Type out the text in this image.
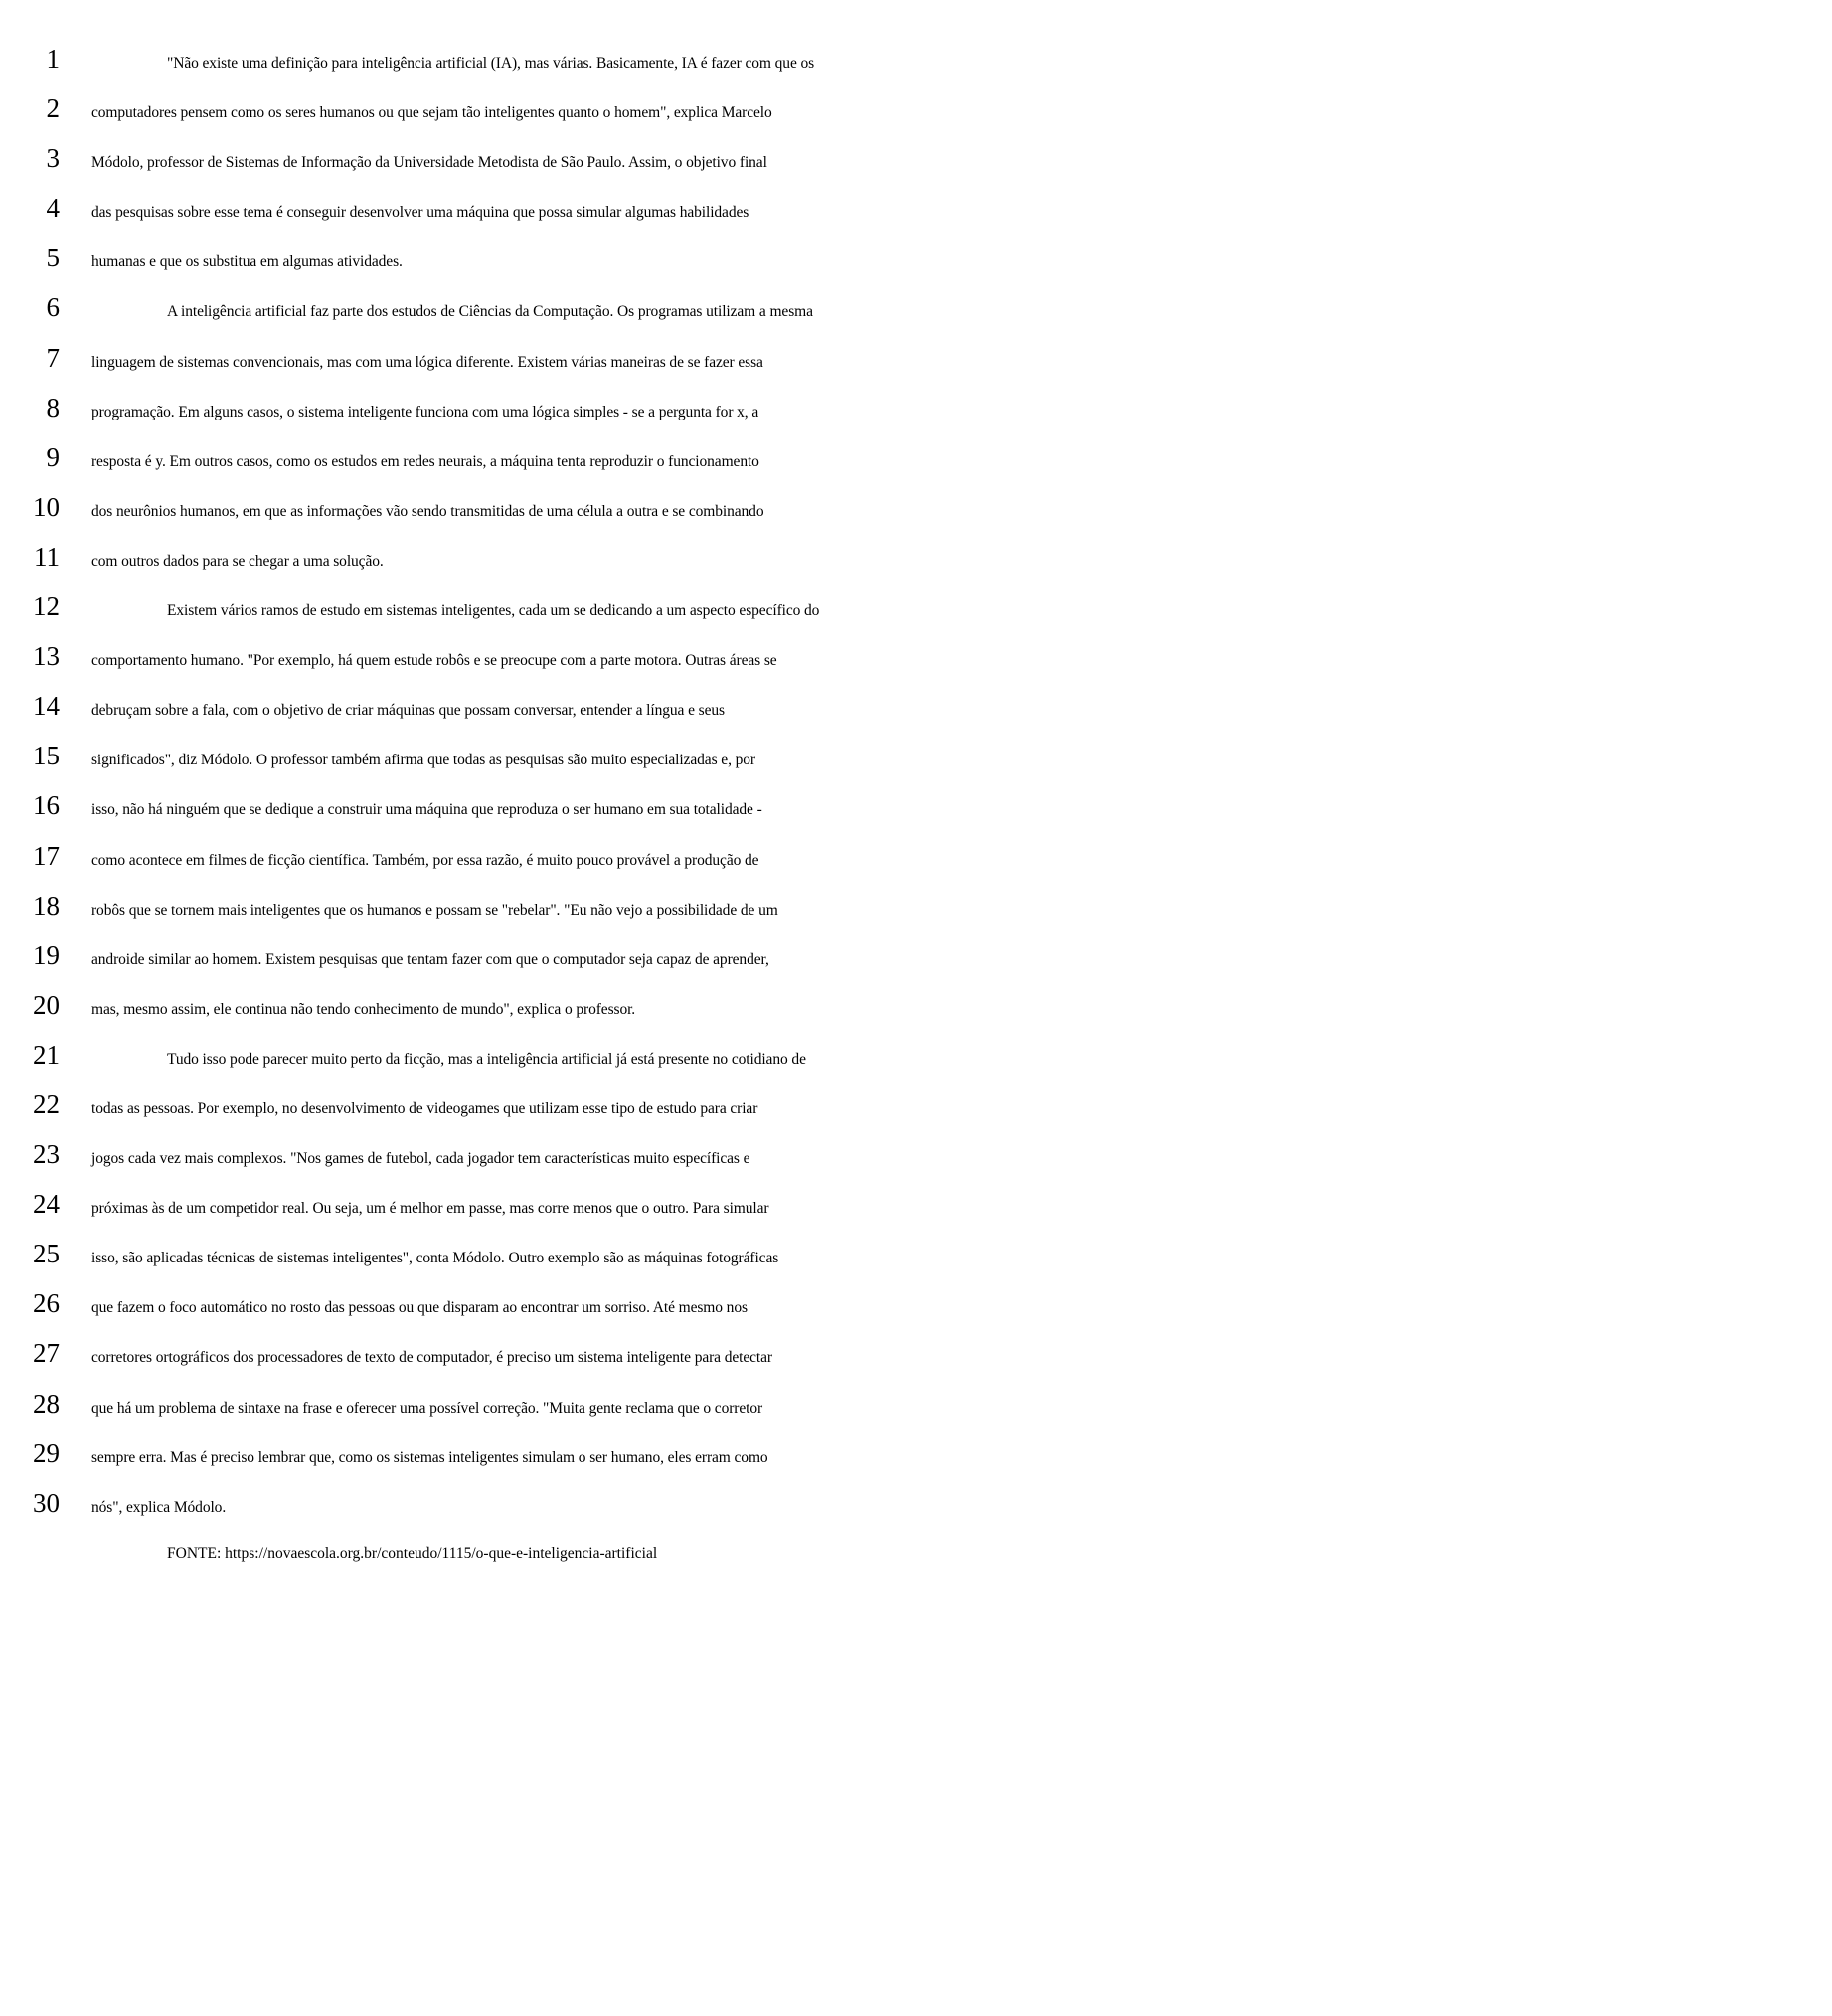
1	"Não existe uma definição para inteligência artificial (IA), mas várias. Basicamente, IA é fazer com que os
2	computadores pensem como os seres humanos ou que sejam tão inteligentes quanto o homem", explica Marcelo
3	Módolo, professor de Sistemas de Informação da Universidade Metodista de São Paulo. Assim, o objetivo final
4	das pesquisas sobre esse tema é conseguir desenvolver uma máquina que possa simular algumas habilidades
5	humanas e que os substitua em algumas atividades.
6	A inteligência artificial faz parte dos estudos de Ciências da Computação. Os programas utilizam a mesma
7	linguagem de sistemas convencionais, mas com uma lógica diferente. Existem várias maneiras de se fazer essa
8	programação. Em alguns casos, o sistema inteligente funciona com uma lógica simples - se a pergunta for x, a
9	resposta é y. Em outros casos, como os estudos em redes neurais, a máquina tenta reproduzir o funcionamento
10	dos neurônios humanos, em que as informações vão sendo transmitidas de uma célula a outra e se combinando
11	com outros dados para se chegar a uma solução.
12	Existem vários ramos de estudo em sistemas inteligentes, cada um se dedicando a um aspecto específico do
13	comportamento humano. "Por exemplo, há quem estude robôs e se preocupe com a parte motora. Outras áreas se
14	debruçam sobre a fala, com o objetivo de criar máquinas que possam conversar, entender a língua e seus
15	significados", diz Módolo. O professor também afirma que todas as pesquisas são muito especializadas e, por
16	isso, não há ninguém que se dedique a construir uma máquina que reproduza o ser humano em sua totalidade -
17	como acontece em filmes de ficção científica. Também, por essa razão, é muito pouco provável a produção de
18	robôs que se tornem mais inteligentes que os humanos e possam se "rebelar". "Eu não vejo a possibilidade de um
19	androide similar ao homem. Existem pesquisas que tentam fazer com que o computador seja capaz de aprender,
20	mas, mesmo assim, ele continua não tendo conhecimento de mundo", explica o professor.
21	Tudo isso pode parecer muito perto da ficção, mas a inteligência artificial já está presente no cotidiano de
22	todas as pessoas. Por exemplo, no desenvolvimento de videogames que utilizam esse tipo de estudo para criar
23	jogos cada vez mais complexos. "Nos games de futebol, cada jogador tem características muito específicas e
24	próximas às de um competidor real. Ou seja, um é melhor em passe, mas corre menos que o outro. Para simular
25	isso, são aplicadas técnicas de sistemas inteligentes", conta Módolo. Outro exemplo são as máquinas fotográficas
26	que fazem o foco automático no rosto das pessoas ou que disparam ao encontrar um sorriso. Até mesmo nos
27	corretores ortográficos dos processadores de texto de computador, é preciso um sistema inteligente para detectar
28	que há um problema de sintaxe na frase e oferecer uma possível correção. "Muita gente reclama que o corretor
29	sempre erra. Mas é preciso lembrar que, como os sistemas inteligentes simulam o ser humano, eles erram como
30	nós", explica Módolo.
FONTE: https://novaescola.org.br/conteudo/1115/o-que-e-inteligencia-artificial
